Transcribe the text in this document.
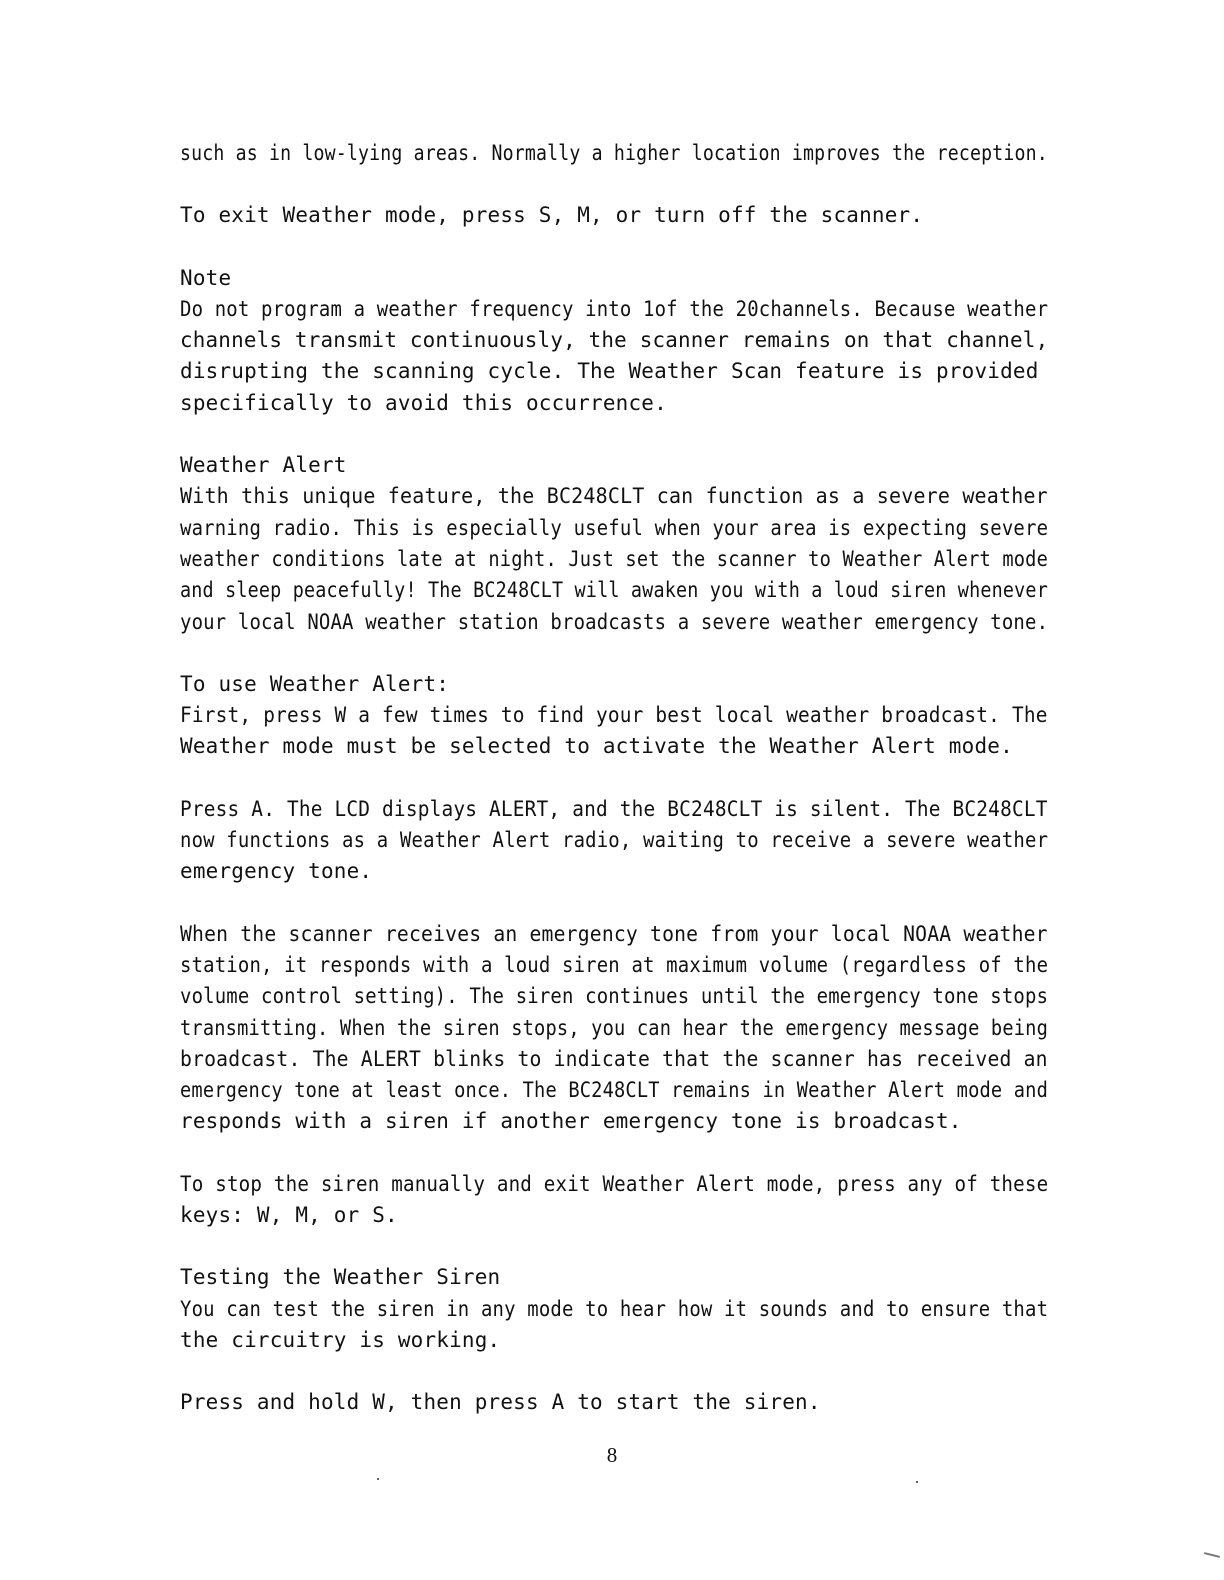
such as in low-lying areas. Normally a higher location improves the reception.
To exit Weather mode, press S, M, or turn off the scanner.
Note
Do not program a weather frequency into 1of the 20channels. Because weather
channels transmit continuously, the scanner remains on that channel,
disrupting the scanning cycle. The Weather Scan feature is provided
specifically to avoid this occurrence.
Weather Alert
With this unique feature, the BC248CLT can function as a severe weather
warning radio. This is especially useful when your area is expecting severe
weather conditions late at night. Just set the scanner to Weather Alert mode
and sleep peacefully! The BC248CLT will awaken you with a loud siren whenever
your local NOAA weather station broadcasts a severe weather emergency tone.
To use Weather Alert:
First, press W a few times to find your best local weather broadcast. The
Weather mode must be selected to activate the Weather Alert mode.
Press A. The LCD displays ALERT, and the BC248CLT is silent. The BC248CLT
now functions as a Weather Alert radio, waiting to receive a severe weather
emergency tone.
When the scanner receives an emergency tone from your local NOAA weather
station, it responds with a loud siren at maximum volume (regardless of the
volume control setting). The siren continues until the emergency tone stops
transmitting. When the siren stops, you can hear the emergency message being
broadcast. The ALERT blinks to indicate that the scanner has received an
emergency tone at least once. The BC248CLT remains in Weather Alert mode and
responds with a siren if another emergency tone is broadcast.
To stop the siren manually and exit Weather Alert mode, press any of these
keys: W, M, or S.
Testing the Weather Siren
You can test the siren in any mode to hear how it sounds and to ensure that
the circuitry is working.
Press and hold W, then press A to start the siren.
8
